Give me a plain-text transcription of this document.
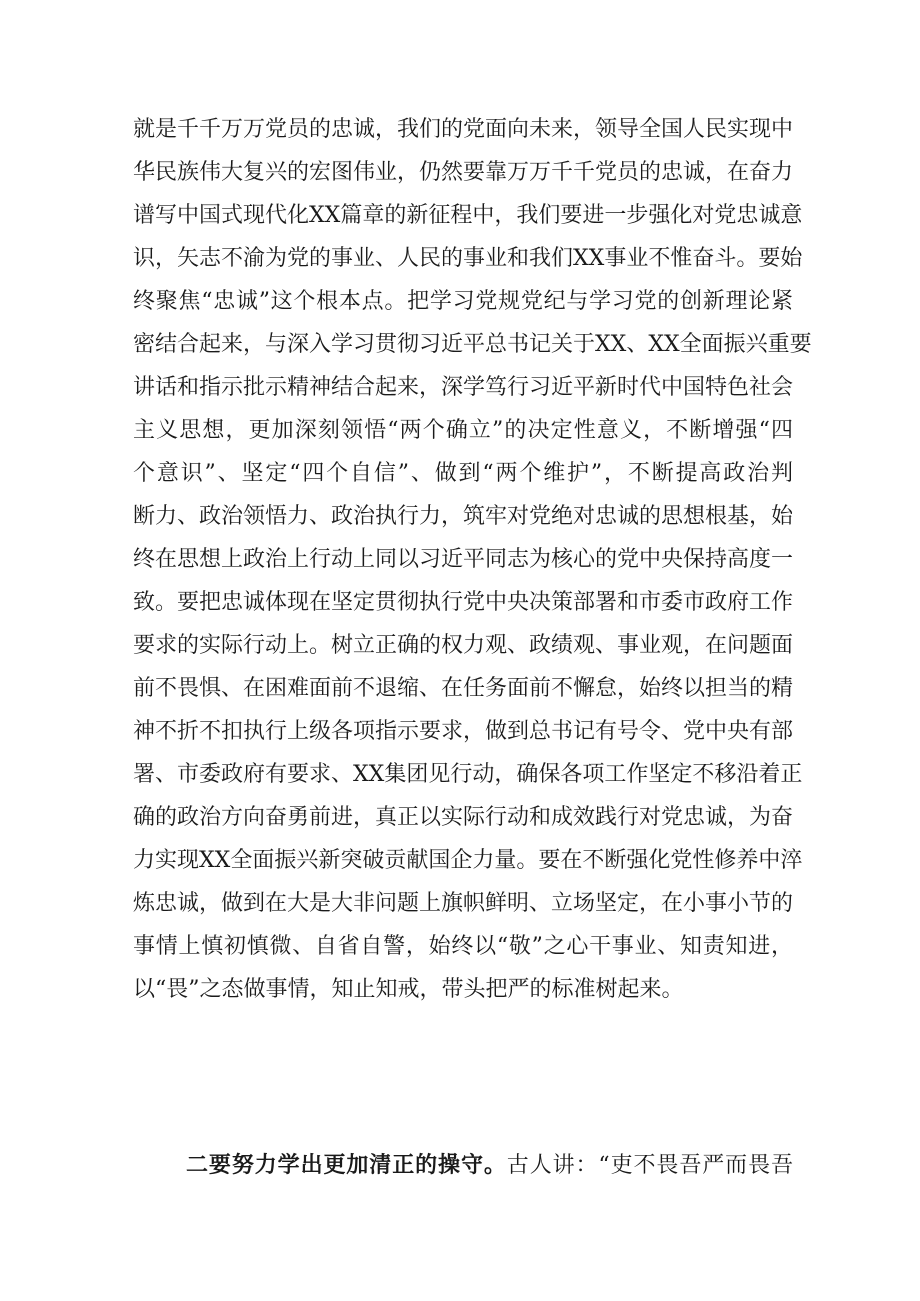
就是千千万万党员的忠诚，我们的党面向未来，领导全国人民实现中
华民族伟大复兴的宏图伟业，仍然要靠万万千千党员的忠诚，在奋力
谱写中国式现代化XX篇章的新征程中，我们要进一步强化对党忠诚意
识，矢志不渝为党的事业、人民的事业和我们XX事业不惟奋斗。要始
终聚焦“忠诚”这个根本点。把学习党规党纪与学习党的创新理论紧
密结合起来，与深入学习贯彻习近平总书记关于XX、XX全面振兴重要
讲话和指示批示精神结合起来，深学笃行习近平新时代中国特色社会
主义思想，更加深刻领悟“两个确立”的决定性意义，不断增强“四
个意识”、坚定“四个自信”、做到“两个维护”，不断提高政治判
断力、政治领悟力、政治执行力，筑牢对党绝对忠诚的思想根基，始
终在思想上政治上行动上同以习近平同志为核心的党中央保持高度一
致。要把忠诚体现在坚定贯彻执行党中央决策部署和市委市政府工作
要求的实际行动上。树立正确的权力观、政绩观、事业观，在问题面
前不畏惧、在困难面前不退缩、在任务面前不懈怠，始终以担当的精
神不折不扣执行上级各项指示要求，做到总书记有号令、党中央有部
署、市委政府有要求、XX集团见行动，确保各项工作坚定不移沿着正
确的政治方向奋勇前进，真正以实际行动和成效践行对党忠诚，为奋
力实现XX全面振兴新突破贡献国企力量。要在不断强化党性修养中淬
炼忠诚，做到在大是大非问题上旗帜鲜明、立场坚定，在小事小节的
事情上慎初慎微、自省自警，始终以“敬”之心干事业、知责知进，
以“畏”之态做事情，知止知戒，带头把严的标准树起来。
二要努力学出更加清正的操守。古人讲：“吏不畏吾严而畏吾
